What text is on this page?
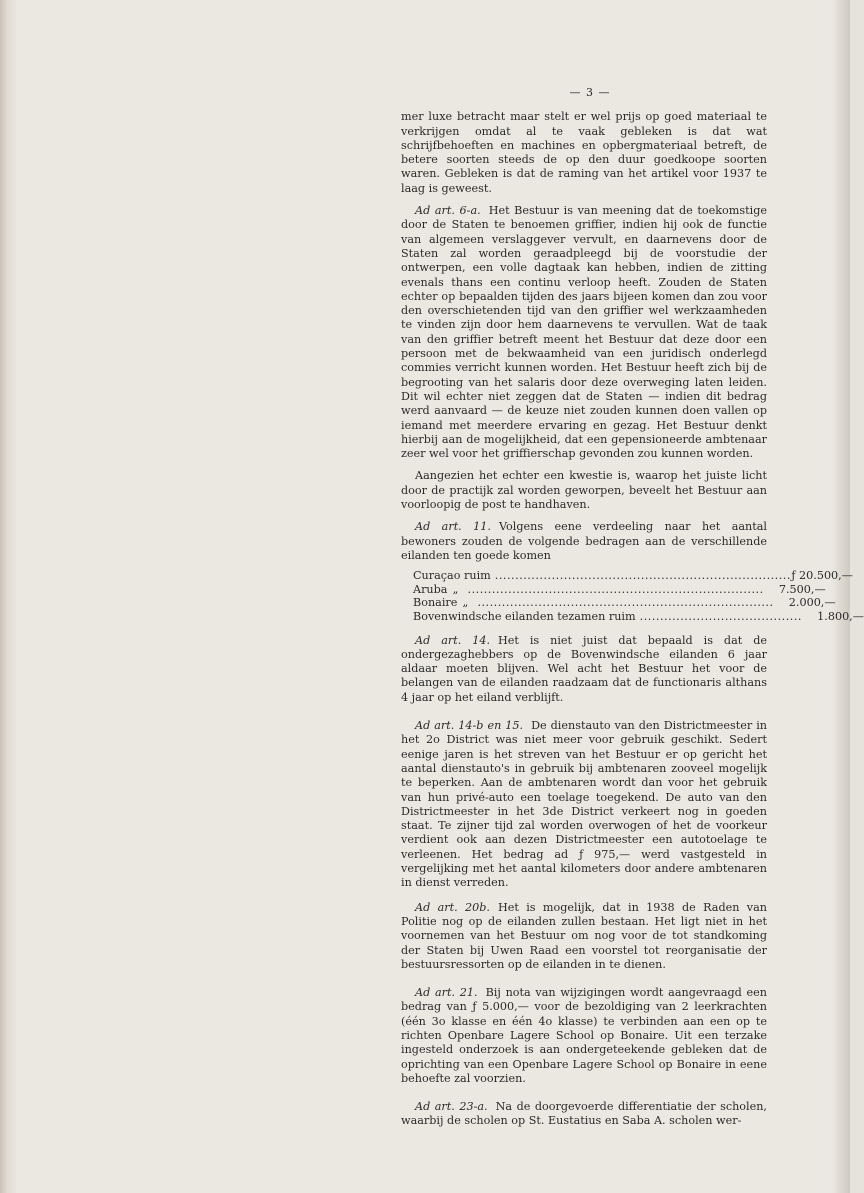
— 3 —

mer luxe betracht maar stelt er wel prijs op goed materiaal te verkrijgen omdat al te vaak gebleken is dat wat schrijfbehoeften en machines en opbergmateriaal betreft, de betere soorten steeds de op den duur goedkoope soorten waren. Gebleken is dat de raming van het artikel voor 1937 te laag is geweest.

Ad art. 6-a. Het Bestuur is van meening dat de toekomstige door de Staten te benoemen griffier, indien hij ook de functie van algemeen verslaggever vervult, en daarnevens door de Staten zal worden geraadpleegd bij de voorstudie der ontwerpen, een volle dagtaak kan hebben, indien de zitting evenals thans een continu verloop heeft. Zouden de Staten echter op bepaalden tijden des jaars bijeen komen dan zou voor den overschietenden tijd van den griffier wel werkzaamheden te vinden zijn door hem daarnevens te vervullen. Wat de taak van den griffier betreft meent het Bestuur dat deze door een persoon met de bekwaamheid van een juridisch onderlegd commies verricht kunnen worden. Het Bestuur heeft zich bij de begrooting van het salaris door deze overweging laten leiden. Dit wil echter niet zeggen dat de Staten — indien dit bedrag werd aanvaard — de keuze niet zouden kunnen doen vallen op iemand met meerdere ervaring en gezag. Het Bestuur denkt hierbij aan de mogelijkheid, dat een gepensioneerde ambtenaar zeer wel voor het griffierschap gevonden zou kunnen worden.

Aangezien het echter een kwestie is, waarop het juiste licht door de practijk zal worden geworpen, beveelt het Bestuur aan voorloopig de post te handhaven.

Ad art. 11. Volgens eene verdeeling naar het aantal bewoners zouden de volgende bedragen aan de verschillende eilanden ten goede komen

Curaçao ruim ......................................................................... ƒ 20.500,—
Aruba „ .........................................................................	7.500,—
Bonaire „ .........................................................................	2.000,—
Bovenwindsche eilanden tezamen ruim ........................................	1.800,—

Ad art. 14. Het is niet juist dat bepaald is dat de ondergezaghebbers op de Bovenwindsche eilanden 6 jaar aldaar moeten blijven. Wel acht het Bestuur het voor de belangen van de eilanden raadzaam dat de functionaris althans 4 jaar op het eiland verblijft.

Ad art. 14-b en 15. De dienstauto van den Districtmeester in het 2o District was niet meer voor gebruik geschikt. Sedert eenige jaren is het streven van het Bestuur er op gericht het aantal dienstauto's in gebruik bij ambtenaren zooveel mogelijk te beperken. Aan de ambtenaren wordt dan voor het gebruik van hun privé-auto een toelage toegekend. De auto van den Districtmeester in het 3de District verkeert nog in goeden staat. Te zijner tijd zal worden overwogen of het de voorkeur verdient ook aan dezen Districtmeester een autotoelage te verleenen. Het bedrag ad ƒ 975,— werd vastgesteld in vergelijking met het aantal kilometers door andere ambtenaren in dienst verreden.

Ad art. 20b. Het is mogelijk, dat in 1938 de Raden van Politie nog op de eilanden zullen bestaan. Het ligt niet in het voornemen van het Bestuur om nog voor de tot standkoming der Staten bij Uwen Raad een voorstel tot reorganisatie der bestuursressorten op de eilanden in te dienen.

Ad art. 21. Bij nota van wijzigingen wordt aangevraagd een bedrag van ƒ 5.000,— voor de bezoldiging van 2 leerkrachten (één 3o klasse en één 4o klasse) te verbinden aan een op te richten Openbare Lagere School op Bonaire. Uit een terzake ingesteld onderzoek is aan ondergeteekende gebleken dat de oprichting van een Openbare Lagere School op Bonaire in eene behoefte zal voorzien.

Ad art. 23-a. Na de doorgevoerde differentiatie der scholen, waarbij de scholen op St. Eustatius en Saba A. scholen wer-
